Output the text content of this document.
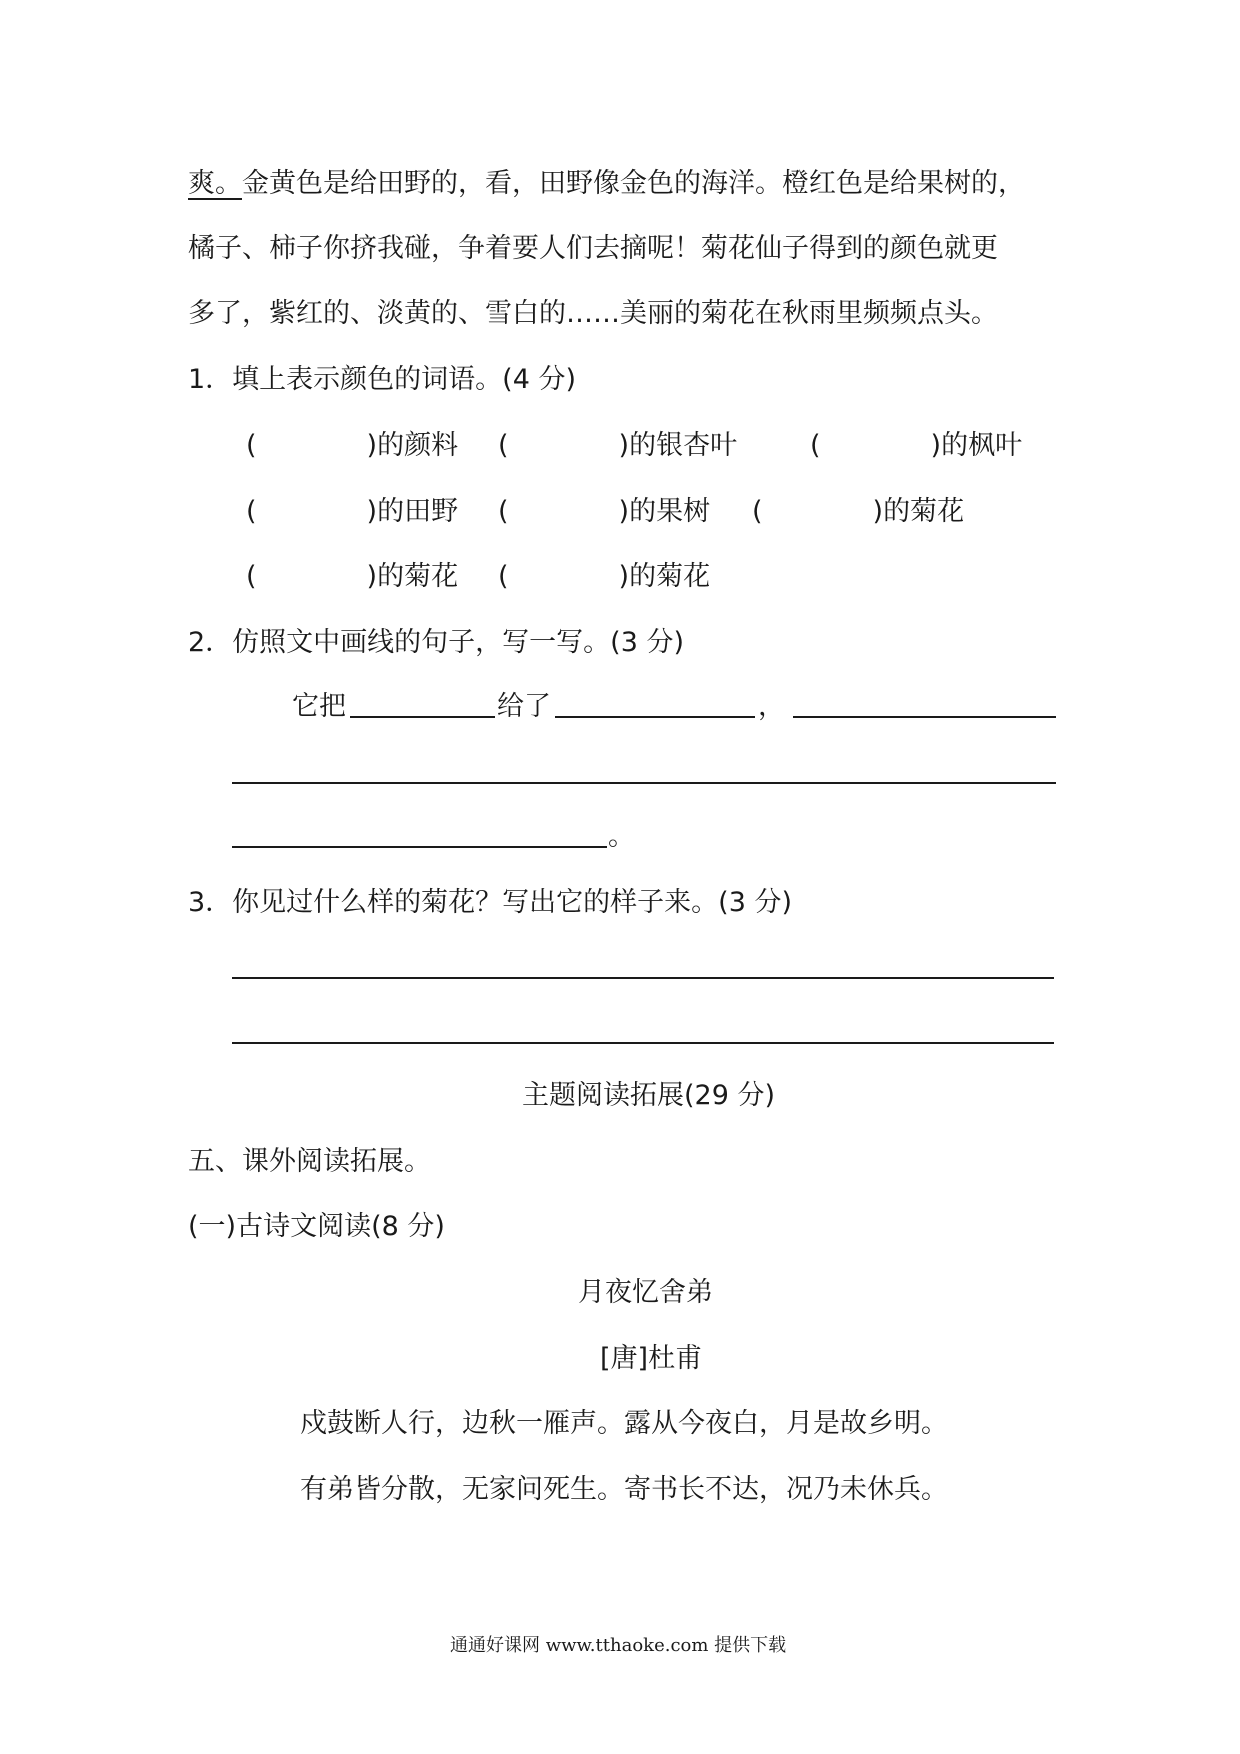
爽。金黄色是给田野的，看，田野像金色的海洋。橙红色是给果树的，
橘子、柿子你挤我碰，争着要人们去摘呢！菊花仙子得到的颜色就更
多了，紫红的、淡黄的、雪白的……美丽的菊花在秋雨里频频点头。
1．填上表示颜色的词语。(4 分)
(	)的颜料 (	)的银杏叶	(	)的枫叶
(	)的田野 (	)的果树 (	)的菊花
(	)的菊花 (	)的菊花
2．仿照文中画线的句子，写一写。(3 分)
它把	给了	，
。
3．你见过什么样的菊花？写出它的样子来。(3 分)
主题阅读拓展(29 分)
五、课外阅读拓展。
(一)古诗文阅读(8 分)
月夜忆舍弟
[唐]杜甫
戍鼓断人行，边秋一雁声。露从今夜白，月是故乡明。
有弟皆分散，无家问死生。寄书长不达，况乃未休兵。
通通好课网 www.tthaoke.com 提供下载
